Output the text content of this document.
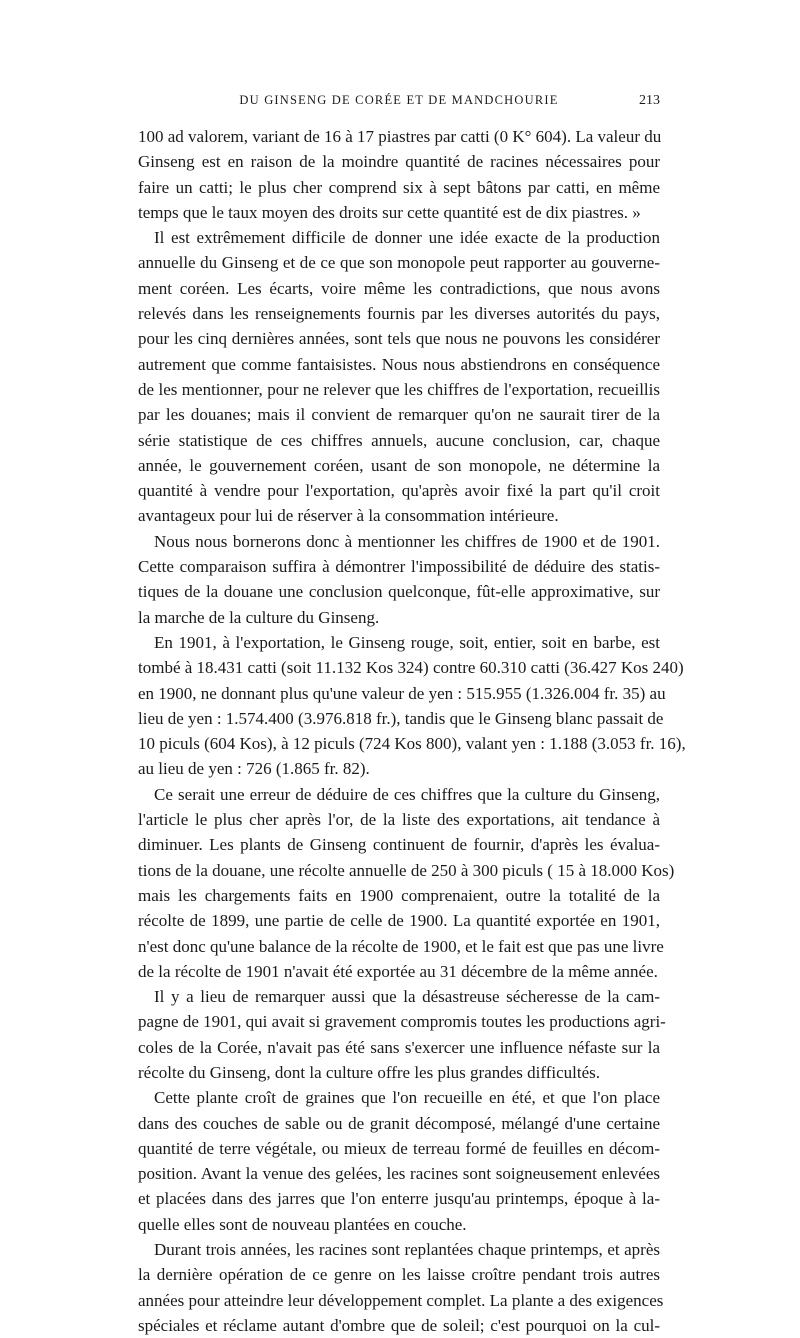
DU GINSENG DE CORÉE ET DE MANDCHOURIE	213
100 ad valorem, variant de 16 à 17 piastres par catti (0 K° 604). La valeur du
Ginseng est en raison de la moindre quantité de racines nécessaires pour
faire un catti; le plus cher comprend six à sept bâtons par catti, en même
temps que le taux moyen des droits sur cette quantité est de dix piastres. »
Il est extrêmement difficile de donner une idée exacte de la production
annuelle du Ginseng et de ce que son monopole peut rapporter au gouverne-
ment coréen. Les écarts, voire même les contradictions, que nous avons
relevés dans les renseignements fournis par les diverses autorités du pays,
pour les cinq dernières années, sont tels que nous ne pouvons les considérer
autrement que comme fantaisistes. Nous nous abstiendrons en conséquence
de les mentionner, pour ne relever que les chiffres de l'exportation, recueillis
par les douanes; mais il convient de remarquer qu'on ne saurait tirer de la
série statistique de ces chiffres annuels, aucune conclusion, car, chaque
année, le gouvernement coréen, usant de son monopole, ne détermine la
quantité à vendre pour l'exportation, qu'après avoir fixé la part qu'il croit
avantageux pour lui de réserver à la consommation intérieure.
Nous nous bornerons donc à mentionner les chiffres de 1900 et de 1901.
Cette comparaison suffira à démontrer l'impossibilité de déduire des statis-
tiques de la douane une conclusion quelconque, fût-elle approximative, sur
la marche de la culture du Ginseng.
En 1901, à l'exportation, le Ginseng rouge, soit, entier, soit en barbe, est
tombé à 18.431 catti (soit 11.132 Kos 324) contre 60.310 catti (36.427 Kos 240)
en 1900, ne donnant plus qu'une valeur de yen : 515.955 (1.326.004 fr. 35) au
lieu de yen : 1.574.400 (3.976.818 fr.), tandis que le Ginseng blanc passait de
10 piculs (604 Kos), à 12 piculs (724 Kos 800), valant yen : 1.188 (3.053 fr. 16),
au lieu de yen : 726 (1.865 fr. 82).
Ce serait une erreur de déduire de ces chiffres que la culture du Ginseng,
l'article le plus cher après l'or, de la liste des exportations, ait tendance à
diminuer. Les plants de Ginseng continuent de fournir, d'après les évalua-
tions de la douane, une récolte annuelle de 250 à 300 piculs ( 15 à 18.000 Kos)
mais les chargements faits en 1900 comprenaient, outre la totalité de la
récolte de 1899, une partie de celle de 1900. La quantité exportée en 1901,
n'est donc qu'une balance de la récolte de 1900, et le fait est que pas une livre
de la récolte de 1901 n'avait été exportée au 31 décembre de la même année.
Il y a lieu de remarquer aussi que la désastreuse sécheresse de la cam-
pagne de 1901, qui avait si gravement compromis toutes les productions agri-
coles de la Corée, n'avait pas été sans s'exercer une influence néfaste sur la
récolte du Ginseng, dont la culture offre les plus grandes difficultés.
Cette plante croît de graines que l'on recueille en été, et que l'on place
dans des couches de sable ou de granit décomposé, mélangé d'une certaine
quantité de terre végétale, ou mieux de terreau formé de feuilles en décom-
position. Avant la venue des gelées, les racines sont soigneusement enlevées
et placées dans des jarres que l'on enterre jusqu'au printemps, époque à la-
quelle elles sont de nouveau plantées en couche.
Durant trois années, les racines sont replantées chaque printemps, et après
la dernière opération de ce genre on les laisse croître pendant trois autres
années pour atteindre leur développement complet. La plante a des exigences
spéciales et réclame autant d'ombre que de soleil; c'est pourquoi on la cul-
